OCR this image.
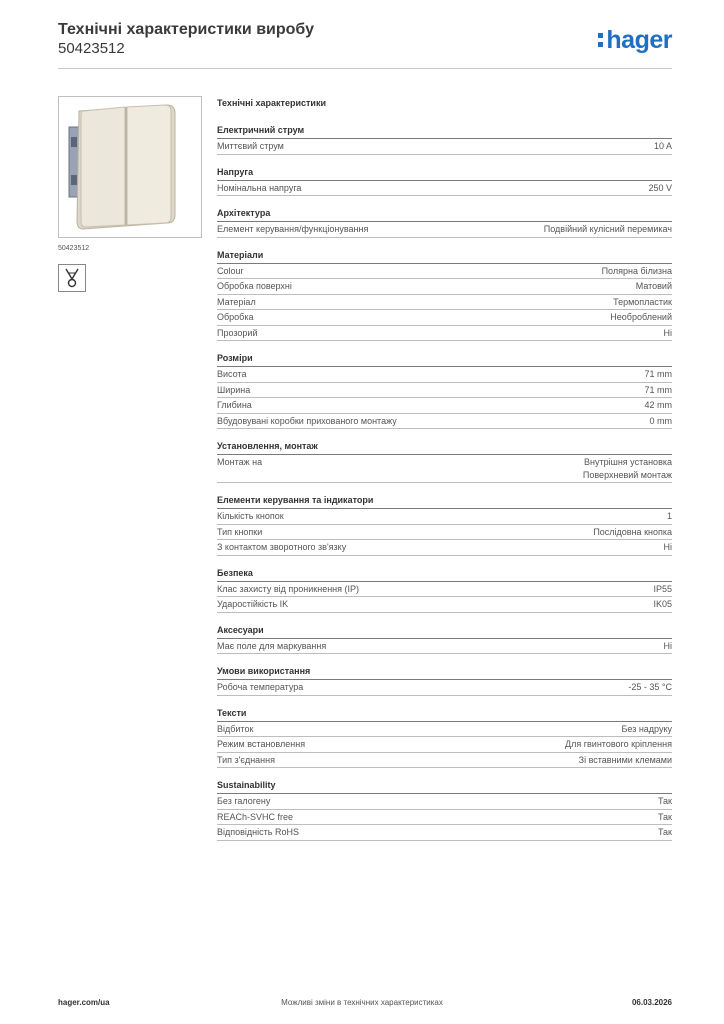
Технічні характеристики виробу
50423512	hager
50423512
Технічні характеристики
Електричний струм
Миттєвий струм	10 A
Напруга
Номінальна напруга	250 V
Архітектура
Елемент керування/функціонування	Подвійний кулісний перемикач
Матеріали
Colour	Полярна білизна
Обробка поверхні	Матовий
Матеріал	Термопластик
Обробка	Необроблений
Прозорий	Ні
Розміри
Висота	71 mm
Ширина	71 mm
Глибина	42 mm
Вбудовувані коробки прихованого монтажу	0 mm
Установлення, монтаж
Монтаж на	Внутрішня установка
Поверхневий монтаж
Елементи керування та індикатори
Кількість кнопок	1
Тип кнопки	Послідовна кнопка
З контактом зворотного зв'язку	Ні
Безпека
Клас захисту від проникнення (IP)	IP55
Ударостійкість IK	IK05
Аксесуари
Має поле для маркування	Ні
Умови використання
Робоча температура	-25 - 35 °C
Тексти
Відбиток	Без надруку
Режим встановлення	Для гвинтового кріплення
Тип з'єднання	Зі вставними клемами
Sustainability
Без галогену	Так
REACh-SVHC free	Так
Відповідність RoHS	Так
hager.com/ua	Можливі зміни в технічних характеристиках	06.03.2026
